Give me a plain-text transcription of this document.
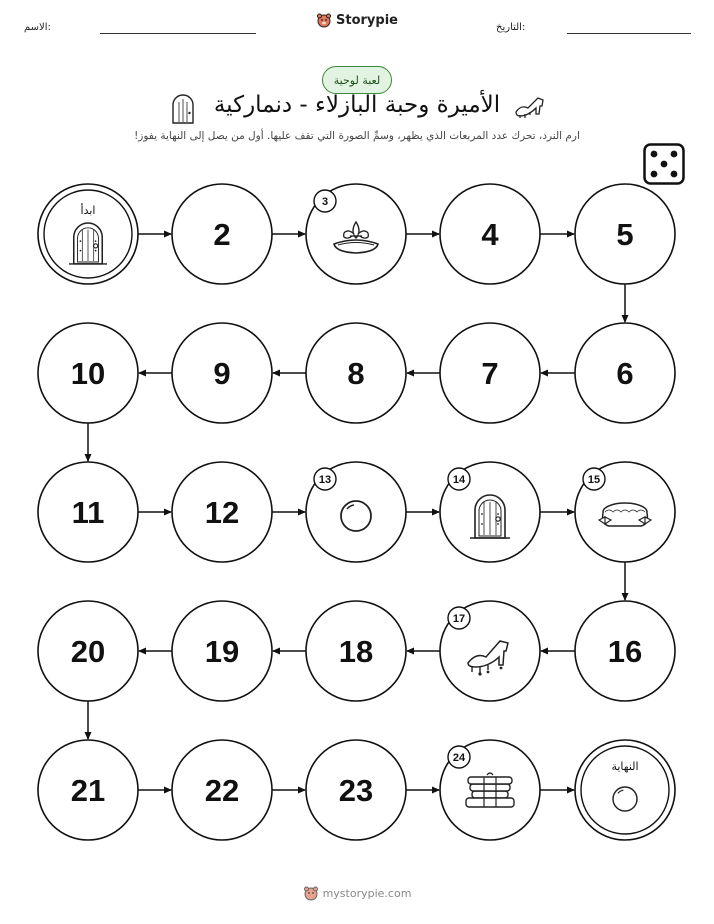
الاسم:	التاريخ:
Storypie
لعبة لوحية
الأميرة وحبة البازلاء - دنماركية
ارم النرد، تحرك عدد المربعات الذي يظهر، وسمِّ الصورة التي تقف عليها. أول من يصل إلى النهاية يفوز!
ابدأ
2
3
4	5
6
7
8
9
10
11	12
13	14	15
16
17
18
19
20
21	22	23
24
النهاية
mystorypie.com
